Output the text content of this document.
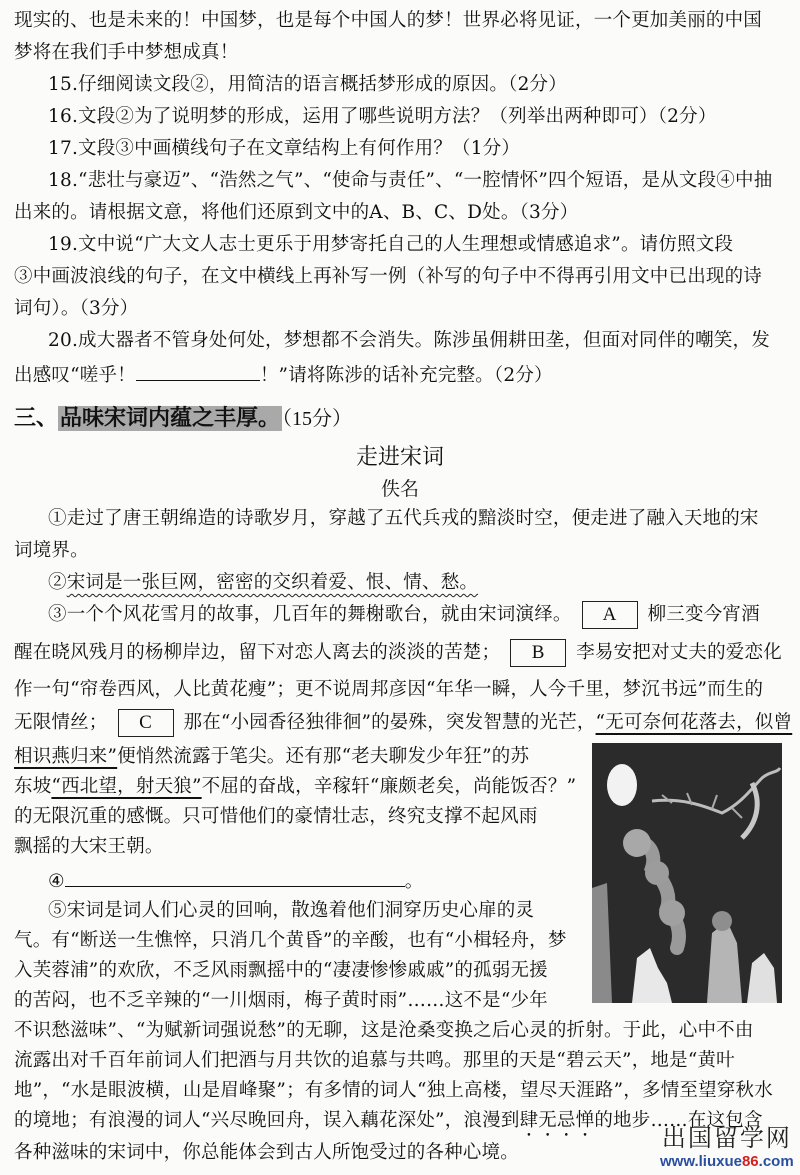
现实的、也是未来的！中国梦，也是每个中国人的梦！世界必将见证，一个更加美丽的中国
梦将在我们手中梦想成真！
15.仔细阅读文段②，用简洁的语言概括梦形成的原因。（2分）
16.文段②为了说明梦的形成，运用了哪些说明方法？（列举出两种即可）（2分）
17.文段③中画横线句子在文章结构上有何作用？（1分）
18.“悲壮与豪迈”、“浩然之气”、“使命与责任”、“一腔情怀”四个短语，是从文段④中抽
出来的。请根据文意，将他们还原到文中的A、B、C、D处。（3分）
19.文中说“广大文人志士更乐于用梦寄托自己的人生理想或情感追求”。请仿照文段
③中画波浪线的句子，在文中横线上再补写一例（补写的句子中不得再引用文中已出现的诗
词句）。（3分）
20.成大器者不管身处何处，梦想都不会消失。陈涉虽佣耕田垄，但面对同伴的嘲笑，发
出感叹“嗟乎！	！”请将陈涉的话补充完整。（2分）
三、品味宋词内蕴之丰厚。 （15分）
走进宋词
佚名
①走过了唐王朝绵造的诗歌岁月，穿越了五代兵戎的黯淡时空，便走进了融入天地的宋
词境界。
②宋词是一张巨网，密密的交织着爱、恨、情、愁。
③一个个风花雪月的故事，几百年的舞榭歌台，就由宋词演绎。 A 柳三变今宵酒
醒在晓风残月的杨柳岸边，留下对恋人离去的淡淡的苦楚； B 李易安把对丈夫的爱恋化
作一句“帘卷西风，人比黄花瘦”；更不说周邦彦因“年华一瞬，人今千里，梦沉书远”而生的
无限情丝； C 那在“小园香径独徘徊”的晏殊，突发智慧的光芒，“无可奈何花落去，似曾
相识燕归来”便悄然流露于笔尖。还有那“老夫聊发少年狂”的苏
东坡“西北望，射天狼”不屈的奋战，辛稼轩“廉颇老矣，尚能饭否？”
的无限沉重的感慨。只可惜他们的豪情壮志，终究支撑不起风雨
飘摇的大宋王朝。
④	。
⑤宋词是词人们心灵的回响，散逸着他们洞穿历史心扉的灵
气。有“断送一生憔悴，只消几个黄昏”的辛酸，也有“小楫轻舟，梦
入芙蓉浦”的欢欣，不乏风雨飘摇中的“凄凄惨惨戚戚”的孤弱无援
的苦闷，也不乏辛辣的“一川烟雨，梅子黄时雨”……这不是“少年
不识愁滋味”、“为赋新词强说愁”的无聊，这是沧桑变换之后心灵的折射。于此，心中不由
流露出对千百年前词人们把酒与月共饮的追慕与共鸣。那里的天是“碧云天”，地是“黄叶
地”，“水是眼波横，山是眉峰聚”；有多情的词人“独上高楼，望尽天涯路”，多情至望穿秋水
的境地；有浪漫的词人“兴尽晚回舟，误入藕花深处”，浪漫到肆无忌惮的地步……在这包含
各种滋味的宋词中，你总能体会到古人所饱受过的各种心境。
出国留学网
www.liuxue86.com
